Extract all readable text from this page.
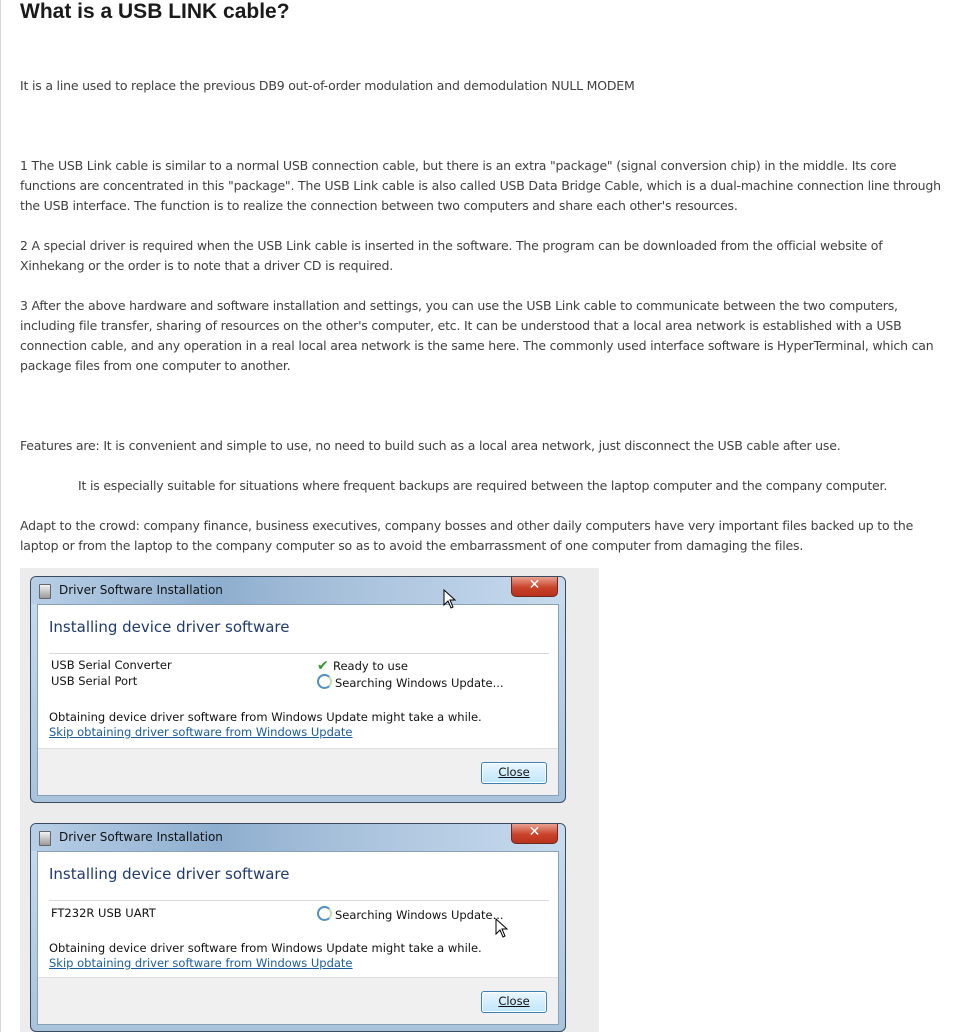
What is a USB LINK cable?

It is a line used to replace the previous DB9 out-of-order modulation and demodulation NULL MODEM

1 The USB Link cable is similar to a normal USB connection cable, but there is an extra "package" (signal conversion chip) in the middle. Its core functions are concentrated in this "package". The USB Link cable is also called USB Data Bridge Cable, which is a dual-machine connection line through the USB interface. The function is to realize the connection between two computers and share each other's resources.

2 A special driver is required when the USB Link cable is inserted in the software. The program can be downloaded from the official website of Xinhekang or the order is to note that a driver CD is required.

3 After the above hardware and software installation and settings, you can use the USB Link cable to communicate between the two computers, including file transfer, sharing of resources on the other's computer, etc. It can be understood that a local area network is established with a USB connection cable, and any operation in a real local area network is the same here. The commonly used interface software is HyperTerminal, which can package files from one computer to another.

Features are: It is convenient and simple to use, no need to build such as a local area network, just disconnect the USB cable after use.

It is especially suitable for situations where frequent backups are required between the laptop computer and the company computer.

Adapt to the crowd: company finance, business executives, company bosses and other daily computers have very important files backed up to the laptop or from the laptop to the company computer so as to avoid the embarrassment of one computer from damaging the files.

Driver Software Installation	✕
Installing device driver software
USB Serial Converter	✔ Ready to use
USB Serial Port	Searching Windows Update...
Obtaining device driver software from Windows Update might take a while.
Skip obtaining driver software from Windows Update
Close
Driver Software Installation	✕
Installing device driver software
FT232R USB UART	Searching Windows Update...
Obtaining device driver software from Windows Update might take a while.
Skip obtaining driver software from Windows Update
Close
